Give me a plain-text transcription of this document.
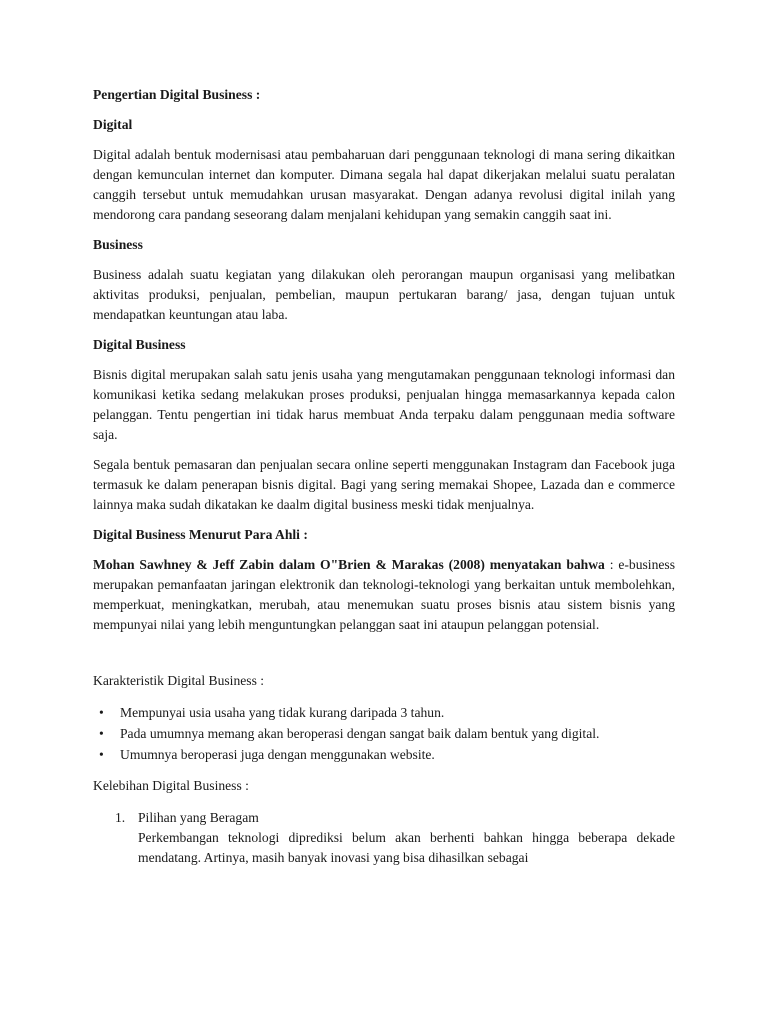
Pengertian Digital Business :

Digital

Digital adalah bentuk modernisasi atau pembaharuan dari penggunaan teknologi di mana sering dikaitkan dengan kemunculan internet dan komputer. Dimana segala hal dapat dikerjakan melalui suatu peralatan canggih tersebut untuk memudahkan urusan masyarakat. Dengan adanya revolusi digital inilah yang mendorong cara pandang seseorang dalam menjalani kehidupan yang semakin canggih saat ini.

Business

Business adalah suatu kegiatan yang dilakukan oleh perorangan maupun organisasi yang melibatkan aktivitas produksi, penjualan, pembelian, maupun pertukaran barang/ jasa, dengan tujuan untuk mendapatkan keuntungan atau laba.

Digital Business

Bisnis digital merupakan salah satu jenis usaha yang mengutamakan penggunaan teknologi informasi dan komunikasi ketika sedang melakukan proses produksi, penjualan hingga memasarkannya kepada calon pelanggan. Tentu pengertian ini tidak harus membuat Anda terpaku dalam penggunaan media software saja.

Segala bentuk pemasaran dan penjualan secara online seperti menggunakan Instagram dan Facebook juga termasuk ke dalam penerapan bisnis digital. Bagi yang sering memakai Shopee, Lazada dan e commerce lainnya maka sudah dikatakan ke daalm digital business meski tidak menjualnya.

Digital Business Menurut Para Ahli :

Mohan Sawhney & Jeff Zabin dalam O"Brien & Marakas (2008) menyatakan bahwa : e-business merupakan pemanfaatan jaringan elektronik dan teknologi-teknologi yang berkaitan untuk membolehkan, memperkuat, meningkatkan, merubah, atau menemukan suatu proses bisnis atau sistem bisnis yang mempunyai nilai yang lebih menguntungkan pelanggan saat ini ataupun pelanggan potensial.

Karakteristik Digital Business :

• Mempunyai usia usaha yang tidak kurang daripada 3 tahun.
• Pada umumnya memang akan beroperasi dengan sangat baik dalam bentuk yang digital.
• Umumnya beroperasi juga dengan menggunakan website.

Kelebihan Digital Business :

1. Pilihan yang Beragam
Perkembangan teknologi diprediksi belum akan berhenti bahkan hingga beberapa dekade mendatang. Artinya, masih banyak inovasi yang bisa dihasilkan sebagai
